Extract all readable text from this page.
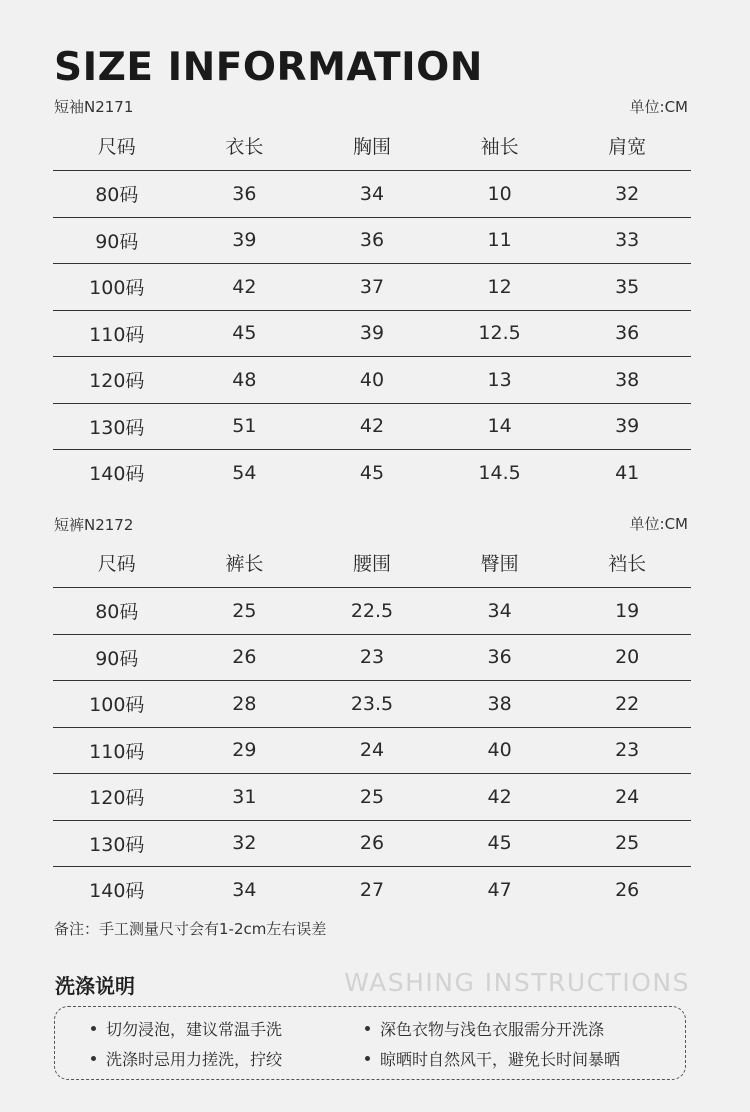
SIZE INFORMATION
短袖N2171	单位:CM
尺码	衣长	胸围	袖长	肩宽
80码	36	34	10	32
90码	39	36	11	33
100码	42	37	12	35
110码	45	39	12.5	36
120码	48	40	13	38
130码	51	42	14	39
140码	54	45	14.5	41
短裤N2172	单位:CM
尺码	裤长	腰围	臀围	裆长
80码	25	22.5	34	19
90码	26	23	36	20
100码	28	23.5	38	22
110码	29	24	40	23
120码	31	25	42	24
130码	32	26	45	25
140码	34	27	47	26
备注：手工测量尺寸会有1-2cm左右误差
洗涤说明	WASHING INSTRUCTIONS
切勿浸泡，建议常温手洗	深色衣物与浅色衣服需分开洗涤
洗涤时忌用力搓洗，拧绞	晾晒时自然风干，避免长时间暴晒
